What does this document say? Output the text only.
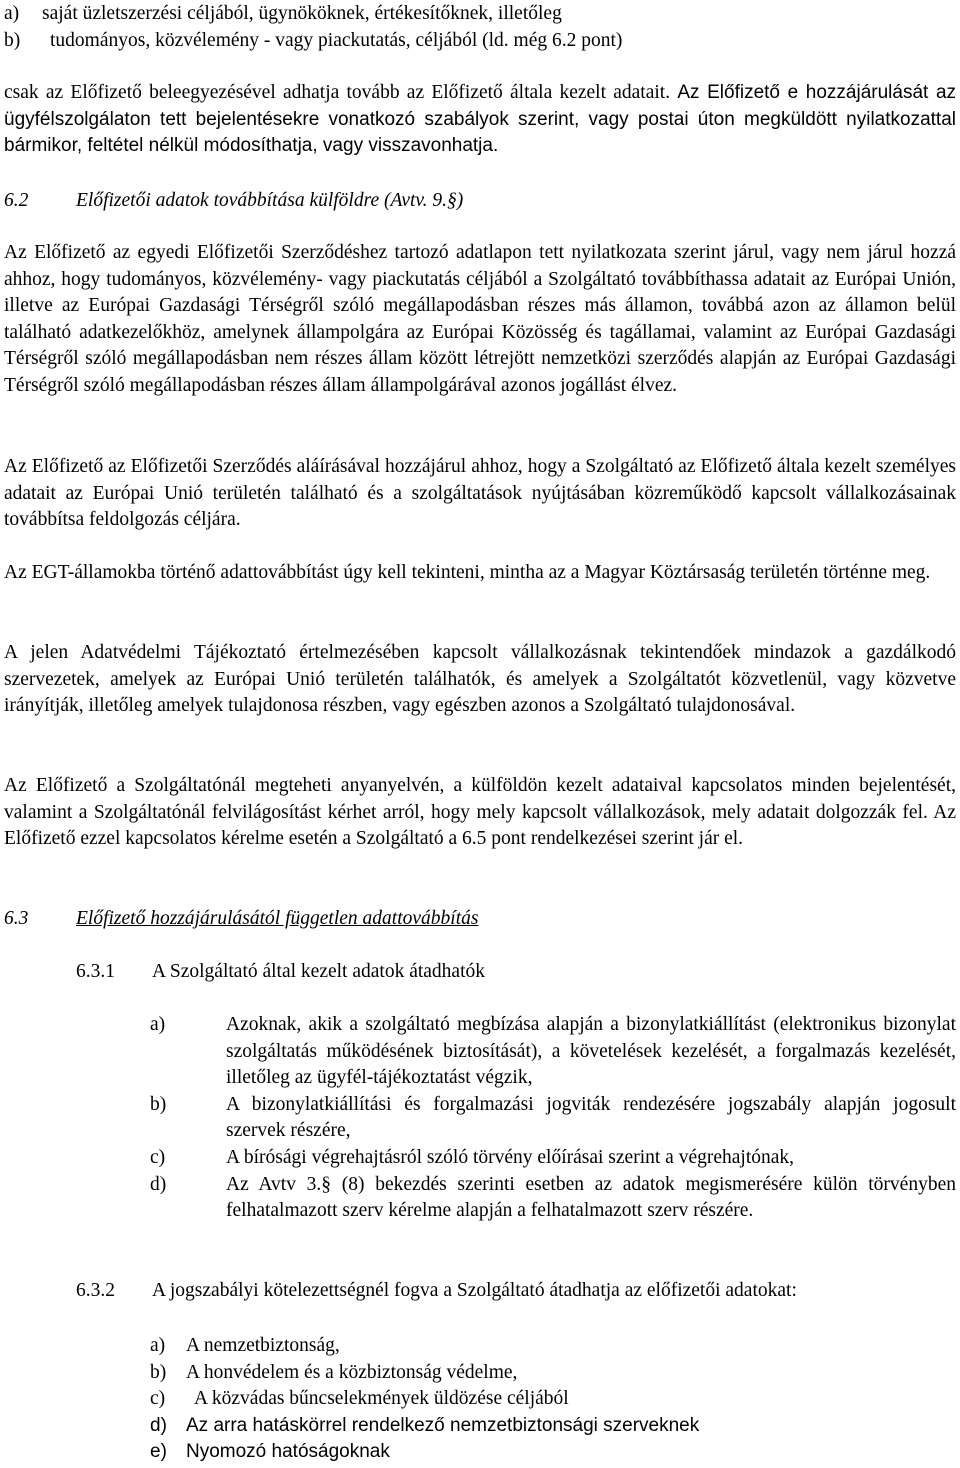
a)	saját üzletszerzési céljából, ügynököknek, értékesítőknek, illetőleg
b)	tudományos, közvélemény - vagy piackutatás, céljából (ld. még 6.2 pont)

csak az Előfizető beleegyezésével adhatja tovább az Előfizető általa kezelt adatait. Az Előfizető e hozzájárulását az ügyfélszolgálaton tett bejelentésekre vonatkozó szabályok szerint, vagy postai úton megküldött nyilatkozattal bármikor, feltétel nélkül módosíthatja, vagy visszavonhatja.

6.2	Előfizetői adatok továbbítása külföldre (Avtv. 9.§)

Az Előfizető az egyedi Előfizetői Szerződéshez tartozó adatlapon tett nyilatkozata szerint járul, vagy nem járul hozzá ahhoz, hogy tudományos, közvélemény- vagy piackutatás céljából a Szolgáltató továbbíthassa adatait az Európai Unión, illetve az Európai Gazdasági Térségről szóló megállapodásban részes más államon, továbbá azon az államon belül található adatkezelőkhöz, amelynek állampolgára az Európai Közösség és tagállamai, valamint az Európai Gazdasági Térségről szóló megállapodásban nem részes állam között létrejött nemzetközi szerződés alapján az Európai Gazdasági Térségről szóló megállapodásban részes állam állampolgárával azonos jogállást élvez.

Az Előfizető az Előfizetői Szerződés aláírásával hozzájárul ahhoz, hogy a Szolgáltató az Előfizető általa kezelt személyes adatait az Európai Unió területén található és a szolgáltatások nyújtásában közreműködő kapcsolt vállalkozásainak továbbítsa feldolgozás céljára.

Az EGT-államokba történő adattovábbítást úgy kell tekinteni, mintha az a Magyar Köztársaság területén történne meg.

A jelen Adatvédelmi Tájékoztató értelmezésében kapcsolt vállalkozásnak tekintendőek mindazok a gazdálkodó szervezetek, amelyek az Európai Unió területén találhatók, és amelyek a Szolgáltatót közvetlenül, vagy közvetve irányítják, illetőleg amelyek tulajdonosa részben, vagy egészben azonos a Szolgáltató tulajdonosával.

Az Előfizető a Szolgáltatónál megteheti anyanyelvén, a külföldön kezelt adataival kapcsolatos minden bejelentését, valamint a Szolgáltatónál felvilágosítást kérhet arról, hogy mely kapcsolt vállalkozások, mely adatait dolgozzák fel. Az Előfizető ezzel kapcsolatos kérelme esetén a Szolgáltató a 6.5 pont rendelkezései szerint jár el.

6.3	Előfizető hozzájárulásától független adattovábbítás
6.3.1	A Szolgáltató által kezelt adatok átadhatók
a)	Azoknak, akik a szolgáltató megbízása alapján a bizonylatkiállítást (elektronikus bizonylat szolgáltatás működésének biztosítását), a követelések kezelését, a forgalmazás kezelését, illetőleg az ügyfél-tájékoztatást végzik,
b)	A bizonylatkiállítási és forgalmazási jogviták rendezésére jogszabály alapján jogosult szervek részére,
c)	A bírósági végrehajtásról szóló törvény előírásai szerint a végrehajtónak,
d)	Az Avtv 3.§ (8) bekezdés szerinti esetben az adatok megismerésére külön törvényben felhatalmazott szerv kérelme alapján a felhatalmazott szerv részére.
6.3.2	A jogszabályi kötelezettségnél fogva a Szolgáltató átadhatja az előfizetői adatokat:
a)	A nemzetbiztonság,
b)	A honvédelem és a közbiztonság védelme,
c)	A közvádas bűncselekmények üldözése céljából
d)	Az arra hatáskörrel rendelkező nemzetbiztonsági szerveknek
e)	Nyomozó hatóságoknak
